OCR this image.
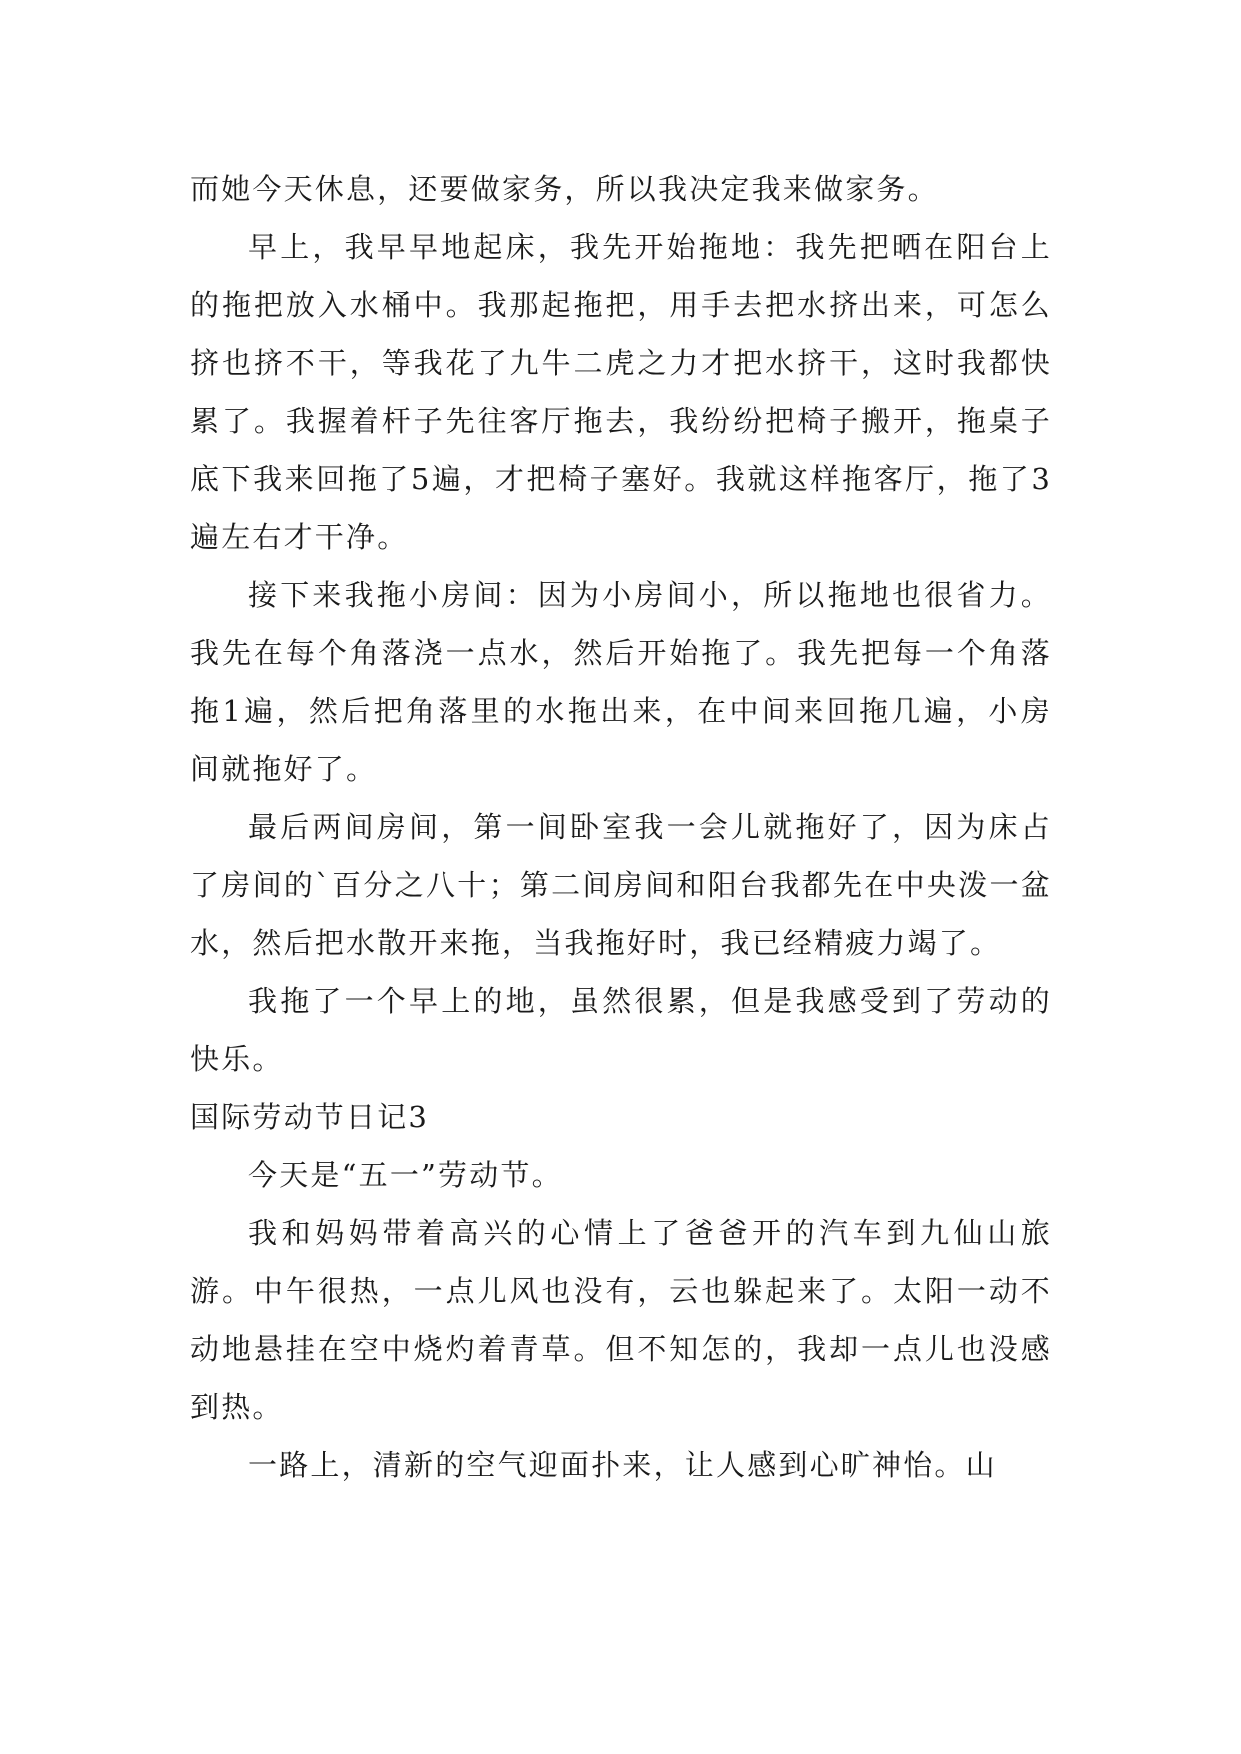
而她今天休息，还要做家务，所以我决定我来做家务。

早上，我早早地起床，我先开始拖地：我先把晒在阳台上的拖把放入水桶中。我那起拖把，用手去把水挤出来，可怎么挤也挤不干，等我花了九牛二虎之力才把水挤干，这时我都快累了。我握着杆子先往客厅拖去，我纷纷把椅子搬开，拖桌子底下我来回拖了5遍，才把椅子塞好。我就这样拖客厅，拖了3遍左右才干净。

接下来我拖小房间：因为小房间小，所以拖地也很省力。我先在每个角落浇一点水，然后开始拖了。我先把每一个角落拖1遍，然后把角落里的水拖出来，在中间来回拖几遍，小房间就拖好了。

最后两间房间，第一间卧室我一会儿就拖好了，因为床占了房间的`百分之八十；第二间房间和阳台我都先在中央泼一盆水，然后把水散开来拖，当我拖好时，我已经精疲力竭了。

我拖了一个早上的地，虽然很累，但是我感受到了劳动的快乐。

国际劳动节日记3

今天是“五一”劳动节。

我和妈妈带着高兴的心情上了爸爸开的汽车到九仙山旅游。中午很热，一点儿风也没有，云也躲起来了。太阳一动不动地悬挂在空中烧灼着青草。但不知怎的，我却一点儿也没感到热。

一路上，清新的空气迎面扑来，让人感到心旷神怡。山
